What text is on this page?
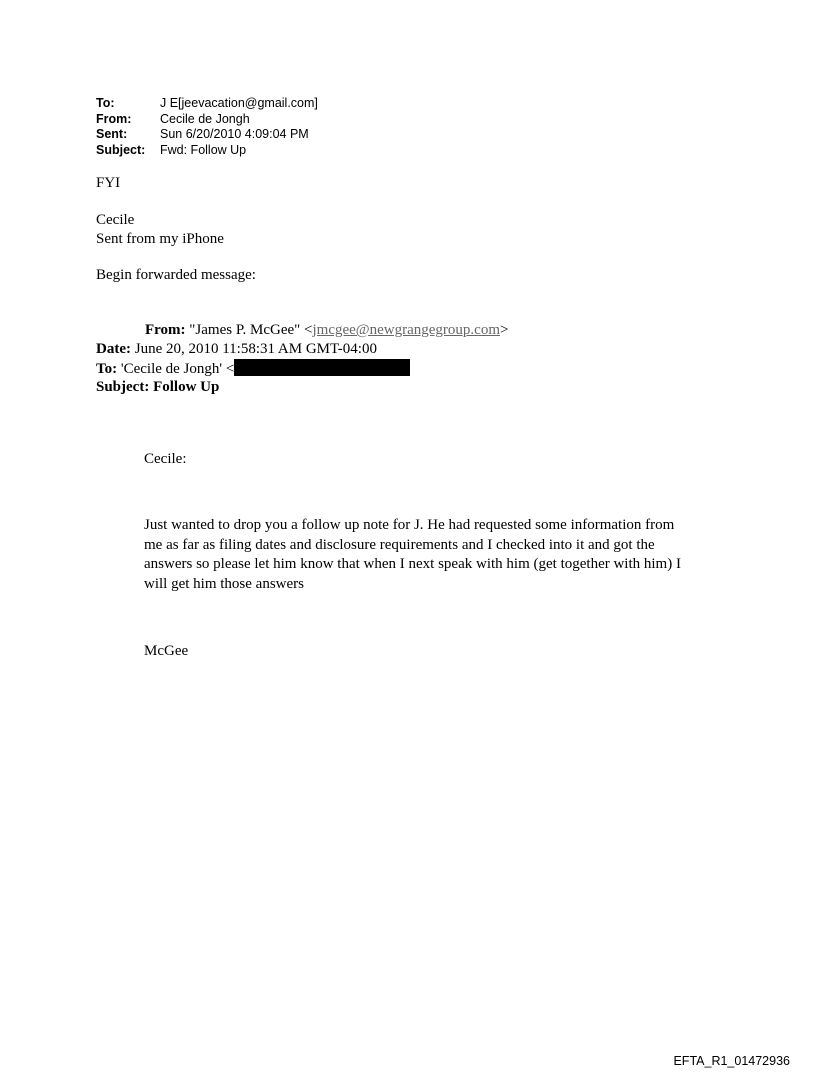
To:	J E[jeevacation@gmail.com]
From: Cecile de Jongh
Sent:	Sun 6/20/2010 4:09:04 PM
Subject: Fwd: Follow Up
FYI
Cecile
Sent from my iPhone
Begin forwarded message:
From: "James P. McGee" <jmcgee@newgrangegroup.com>
Date: June 20, 2010 11:58:31 AM GMT-04:00
To: 'Cecile de Jongh' <
Subject: Follow Up
Cecile:
Just wanted to drop you a follow up note for J. He had requested some information from me as far as filing dates and disclosure requirements and I checked into it and got the answers so please let him know that when I next speak with him (get together with him) I will get him those answers
McGee
EFTA_R1_01472936
